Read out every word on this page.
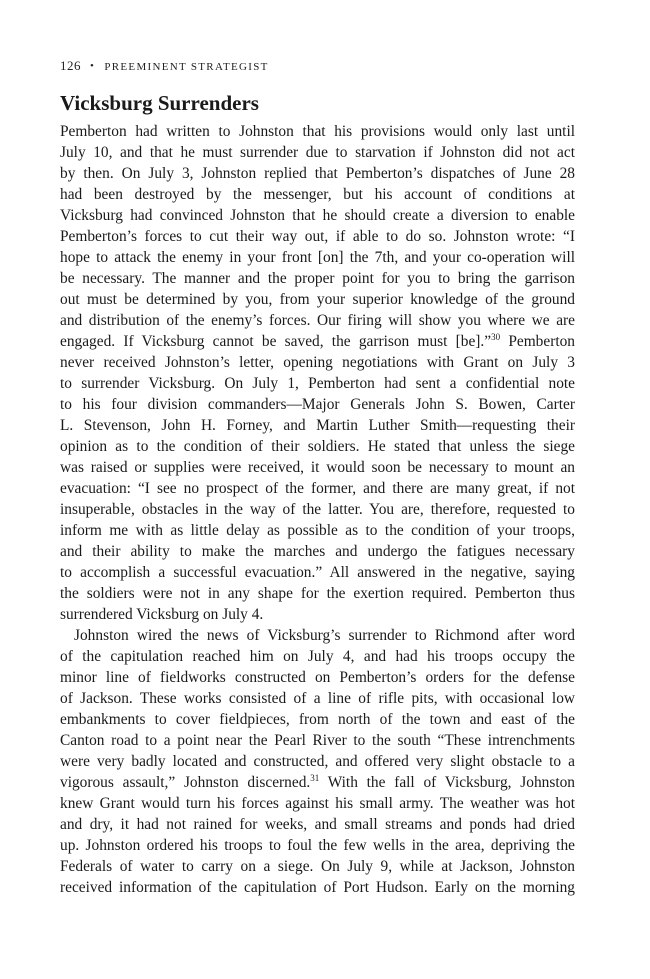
126 • PREEMINENT STRATEGIST
Vicksburg Surrenders
Pemberton had written to Johnston that his provisions would only last until
July 10, and that he must surrender due to starvation if Johnston did not act
by then. On July 3, Johnston replied that Pemberton’s dispatches of June 28
had been destroyed by the messenger, but his account of conditions at
Vicksburg had convinced Johnston that he should create a diversion to enable
Pemberton’s forces to cut their way out, if able to do so. Johnston wrote: “I
hope to attack the enemy in your front [on] the 7th, and your co-operation will
be necessary. The manner and the proper point for you to bring the garrison
out must be determined by you, from your superior knowledge of the ground
and distribution of the enemy’s forces. Our firing will show you where we are
engaged. If Vicksburg cannot be saved, the garrison must [be].”$^{30}$ Pemberton
never received Johnston’s letter, opening negotiations with Grant on July 3
to surrender Vicksburg. On July 1, Pemberton had sent a confidential note
to his four division commanders—Major Generals John S. Bowen, Carter
L. Stevenson, John H. Forney, and Martin Luther Smith—requesting their
opinion as to the condition of their soldiers. He stated that unless the siege
was raised or supplies were received, it would soon be necessary to mount an
evacuation: “I see no prospect of the former, and there are many great, if not
insuperable, obstacles in the way of the latter. You are, therefore, requested to
inform me with as little delay as possible as to the condition of your troops,
and their ability to make the marches and undergo the fatigues necessary
to accomplish a successful evacuation.” All answered in the negative, saying
the soldiers were not in any shape for the exertion required. Pemberton thus
surrendered Vicksburg on July 4.
Johnston wired the news of Vicksburg’s surrender to Richmond after word
of the capitulation reached him on July 4, and had his troops occupy the
minor line of fieldworks constructed on Pemberton’s orders for the defense
of Jackson. These works consisted of a line of rifle pits, with occasional low
embankments to cover fieldpieces, from north of the town and east of the
Canton road to a point near the Pearl River to the south “These intrenchments
were very badly located and constructed, and offered very slight obstacle to a
vigorous assault,” Johnston discerned.$^{31}$ With the fall of Vicksburg, Johnston
knew Grant would turn his forces against his small army. The weather was hot
and dry, it had not rained for weeks, and small streams and ponds had dried
up. Johnston ordered his troops to foul the few wells in the area, depriving the
Federals of water to carry on a siege. On July 9, while at Jackson, Johnston
received information of the capitulation of Port Hudson. Early on the morning
